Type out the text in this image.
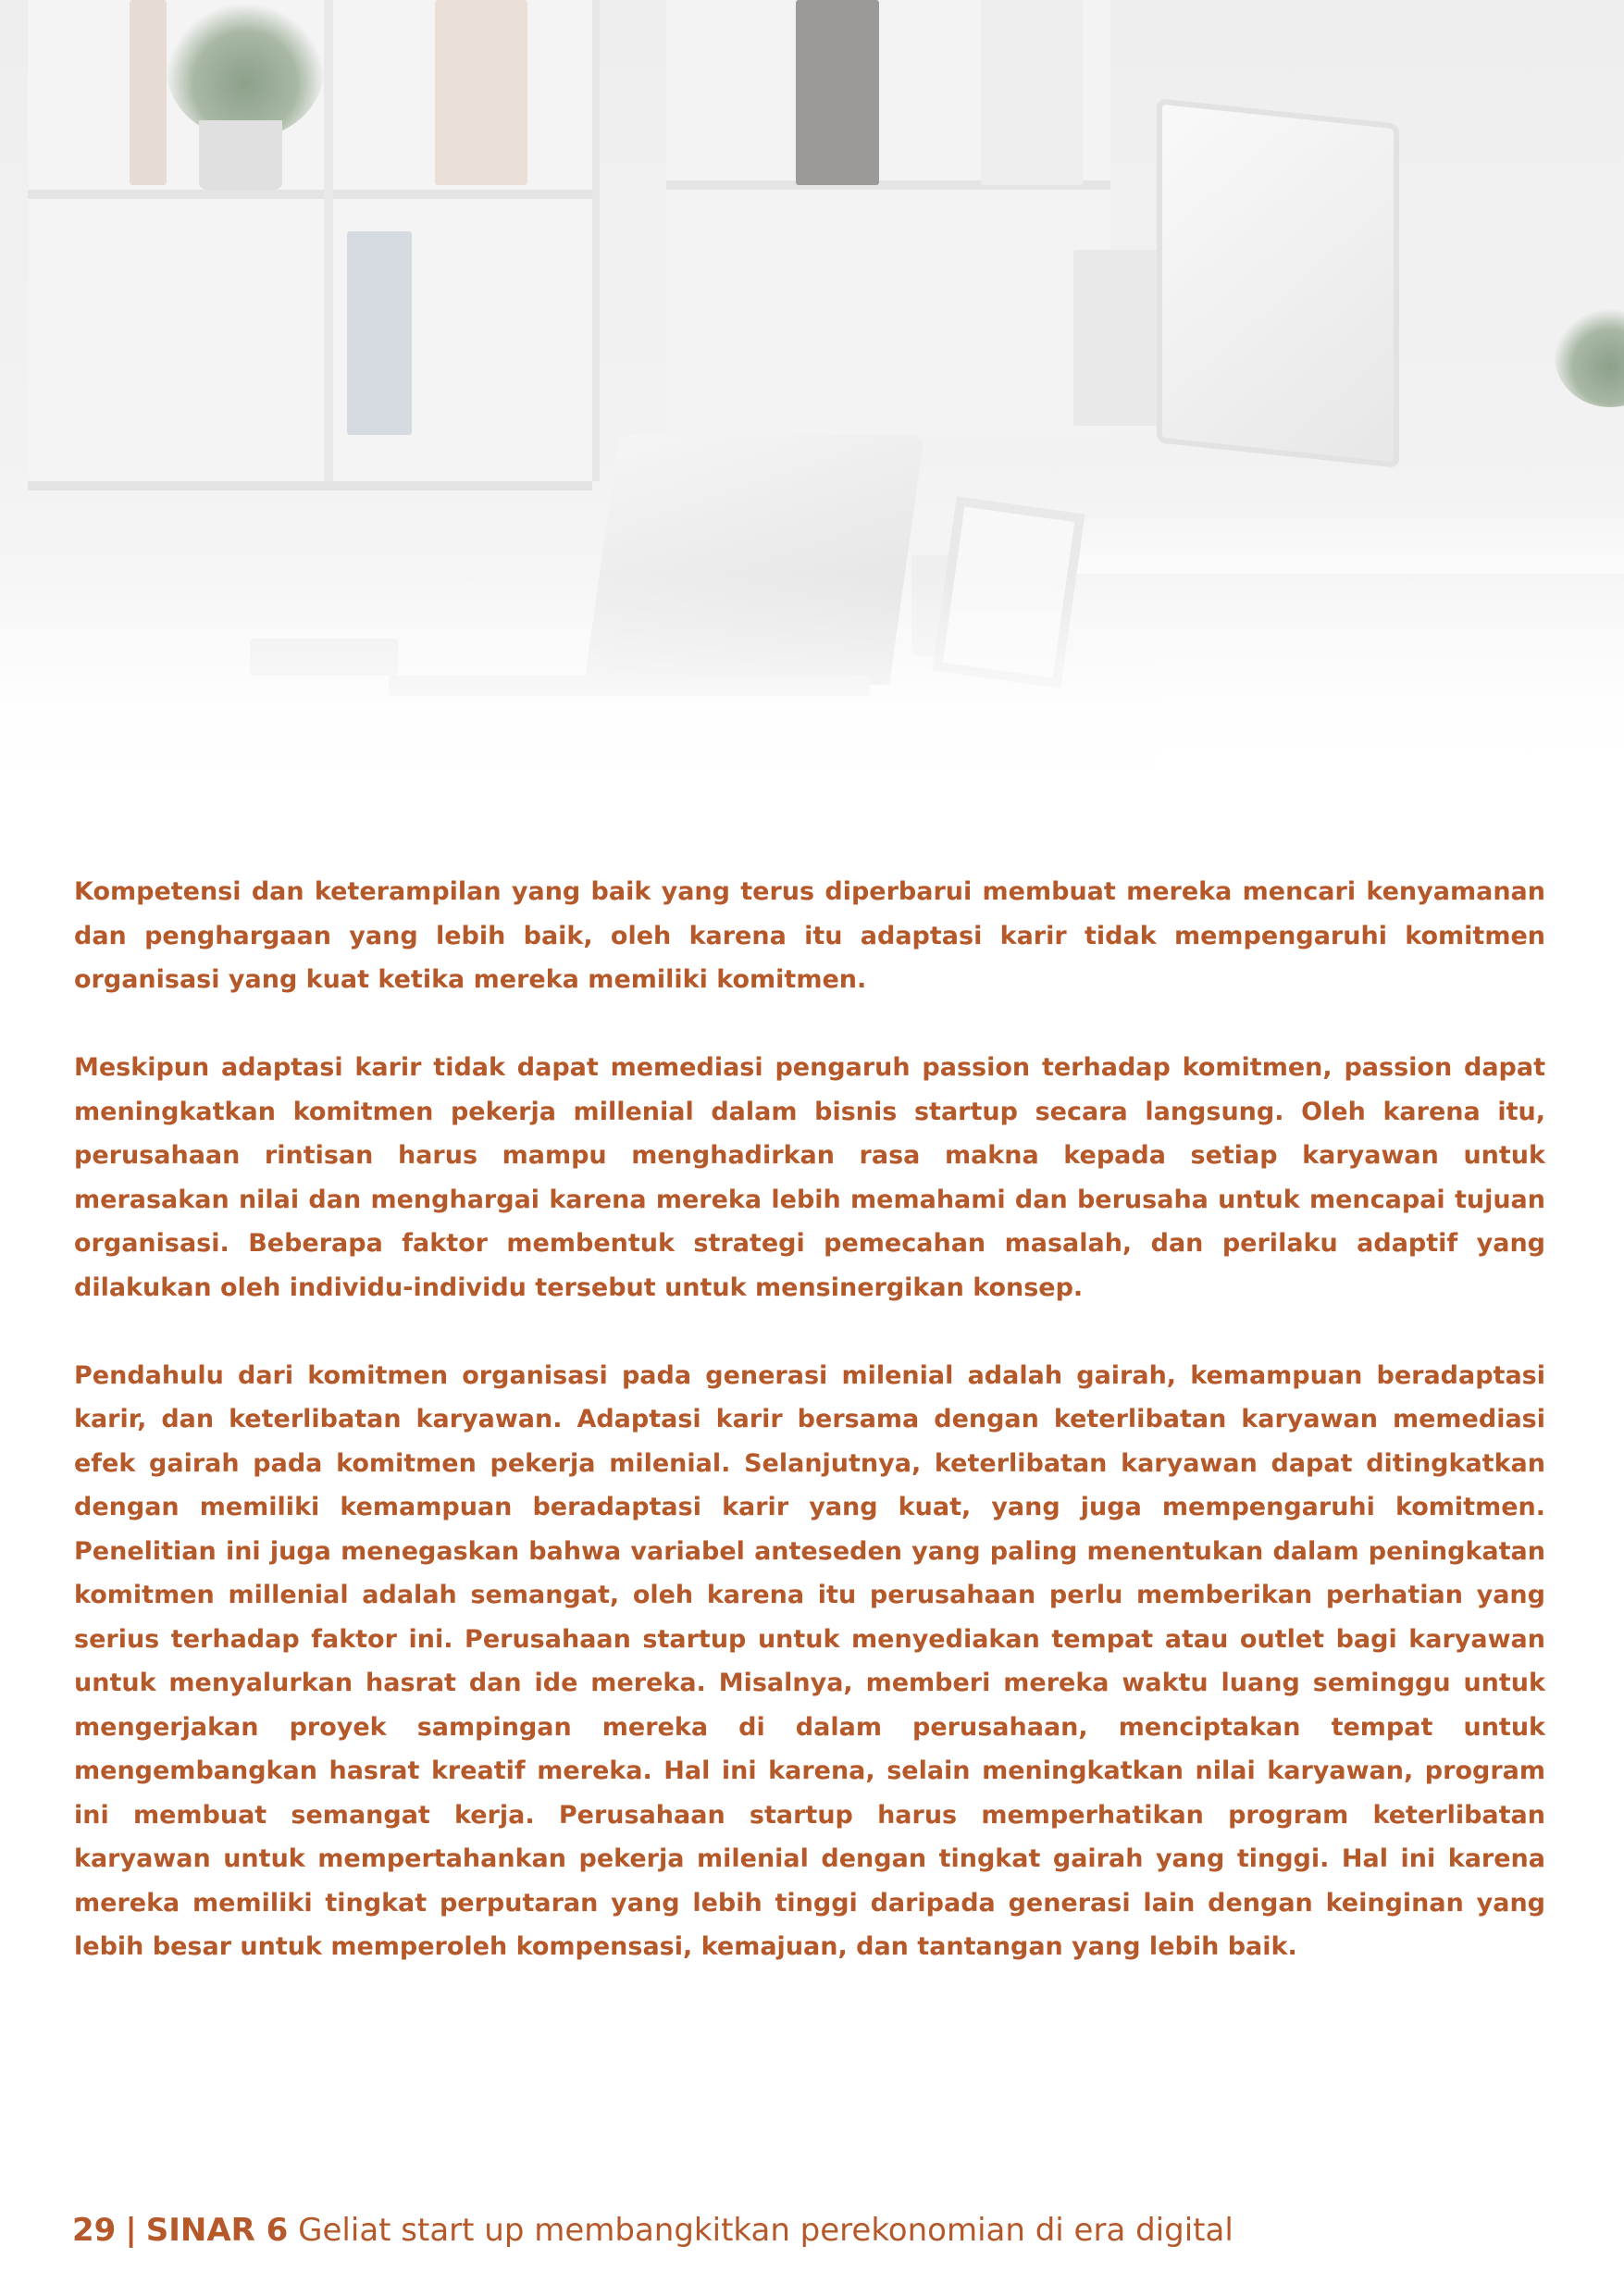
Kompetensi dan keterampilan yang baik yang terus diperbarui membuat mereka mencari kenyamanan dan penghargaan yang lebih baik, oleh karena itu adaptasi karir tidak mempengaruhi komitmen organisasi yang kuat ketika mereka memiliki komitmen.

Meskipun adaptasi karir tidak dapat memediasi pengaruh passion terhadap komitmen, passion dapat meningkatkan komitmen pekerja millenial dalam bisnis startup secara langsung. Oleh karena itu, perusahaan rintisan harus mampu menghadirkan rasa makna kepada setiap karyawan untuk merasakan nilai dan menghargai karena mereka lebih memahami dan berusaha untuk mencapai tujuan organisasi. Beberapa faktor membentuk strategi pemecahan masalah, dan perilaku adaptif yang dilakukan oleh individu-individu tersebut untuk mensinergikan konsep.

Pendahulu dari komitmen organisasi pada generasi milenial adalah gairah, kemampuan beradaptasi karir, dan keterlibatan karyawan. Adaptasi karir bersama dengan keterlibatan karyawan memediasi efek gairah pada komitmen pekerja milenial. Selanjutnya, keterlibatan karyawan dapat ditingkatkan dengan memiliki kemampuan beradaptasi karir yang kuat, yang juga mempengaruhi komitmen. Penelitian ini juga menegaskan bahwa variabel anteseden yang paling menentukan dalam peningkatan komitmen millenial adalah semangat, oleh karena itu perusahaan perlu memberikan perhatian yang serius terhadap faktor ini. Perusahaan startup untuk menyediakan tempat atau outlet bagi karyawan untuk menyalurkan hasrat dan ide mereka. Misalnya, memberi mereka waktu luang seminggu untuk mengerjakan proyek sampingan mereka di dalam perusahaan, menciptakan tempat untuk mengembangkan hasrat kreatif mereka. Hal ini karena, selain meningkatkan nilai karyawan, program ini membuat semangat kerja. Perusahaan startup harus memperhatikan program keterlibatan karyawan untuk mempertahankan pekerja milenial dengan tingkat gairah yang tinggi. Hal ini karena mereka memiliki tingkat perputaran yang lebih tinggi daripada generasi lain dengan keinginan yang lebih besar untuk memperoleh kompensasi, kemajuan, dan tantangan yang lebih baik.

29 | SINAR 6 Geliat start up membangkitkan perekonomian di era digital
